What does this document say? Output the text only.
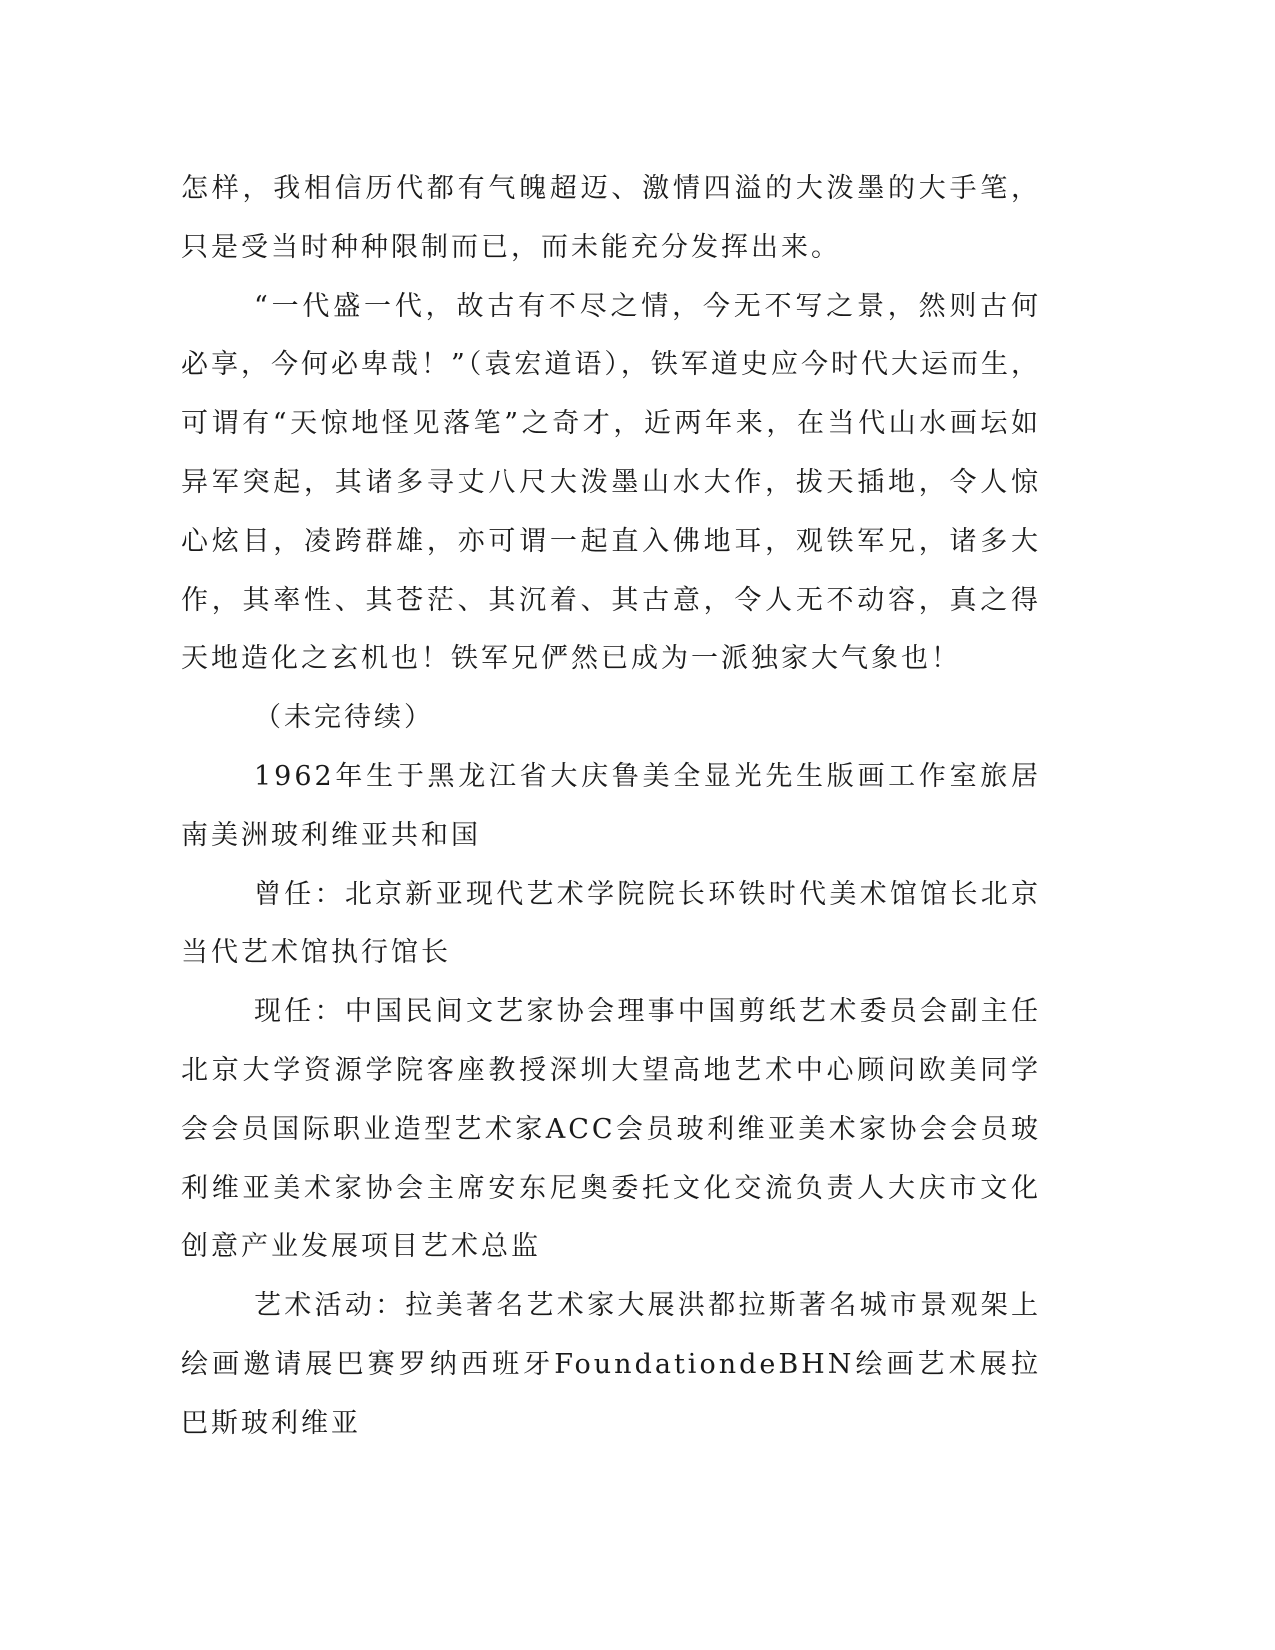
怎样，我相信历代都有气魄超迈、激情四溢的大泼墨的大手笔，只是受当时种种限制而已，而未能充分发挥出来。

“一代盛一代，故古有不尽之情，今无不写之景，然则古何必享，今何必卑哉！”（袁宏道语），铁军道史应今时代大运而生，可谓有“天惊地怪见落笔”之奇才，近两年来，在当代山水画坛如异军突起，其诸多寻丈八尺大泼墨山水大作，拔天插地，令人惊心炫目，凌跨群雄，亦可谓一起直入佛地耳，观铁军兄，诸多大作，其率性、其苍茫、其沉着、其古意，令人无不动容，真之得天地造化之玄机也！铁军兄俨然已成为一派独家大气象也！

（未完待续）

1962年生于黑龙江省大庆鲁美全显光先生版画工作室旅居南美洲玻利维亚共和国

曾任：北京新亚现代艺术学院院长环铁时代美术馆馆长北京当代艺术馆执行馆长

现任：中国民间文艺家协会理事中国剪纸艺术委员会副主任北京大学资源学院客座教授深圳大望高地艺术中心顾问欧美同学会会员国际职业造型艺术家ACC会员玻利维亚美术家协会会员玻利维亚美术家协会主席安东尼奥委托文化交流负责人大庆市文化创意产业发展项目艺术总监

艺术活动：拉美著名艺术家大展洪都拉斯著名城市景观架上绘画邀请展巴赛罗纳西班牙FoundationdeBHN绘画艺术展拉巴斯玻利维亚
